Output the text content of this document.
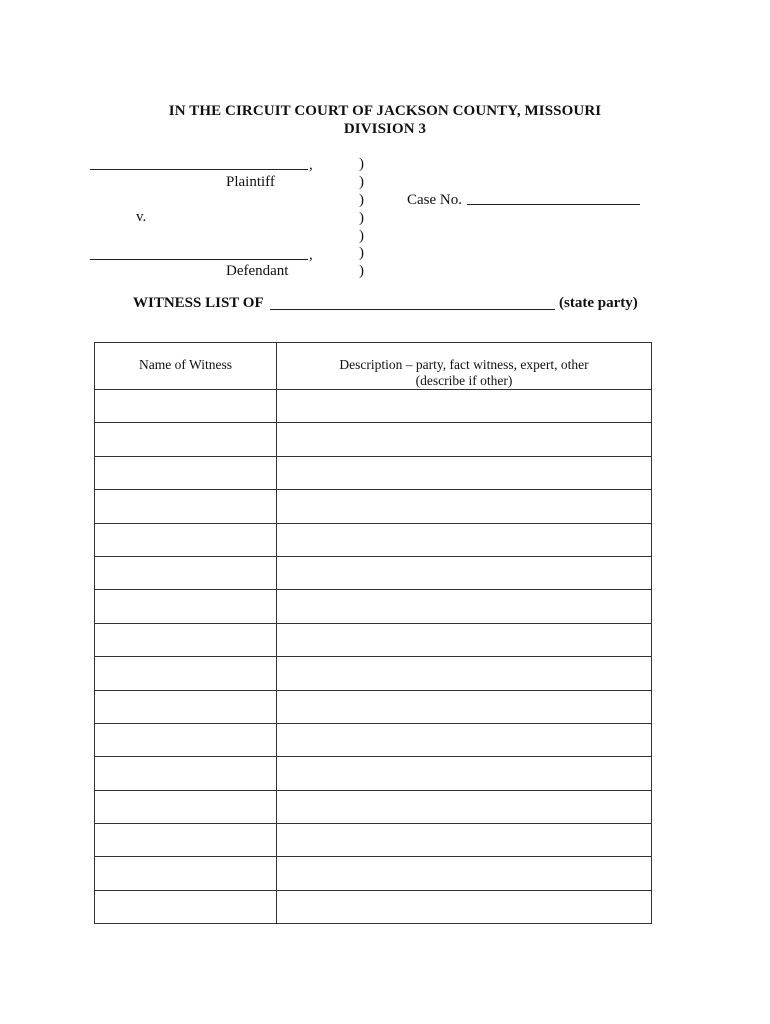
IN THE CIRCUIT COURT OF JACKSON COUNTY, MISSOURI
DIVISION 3
,
Plaintiff
v.
,
Defendant
)
)
)
)
)
)
)
Case No.
WITNESS LIST OF	(state party)
Name of Witness	Description – party, fact witness, expert, other
(describe if other)
